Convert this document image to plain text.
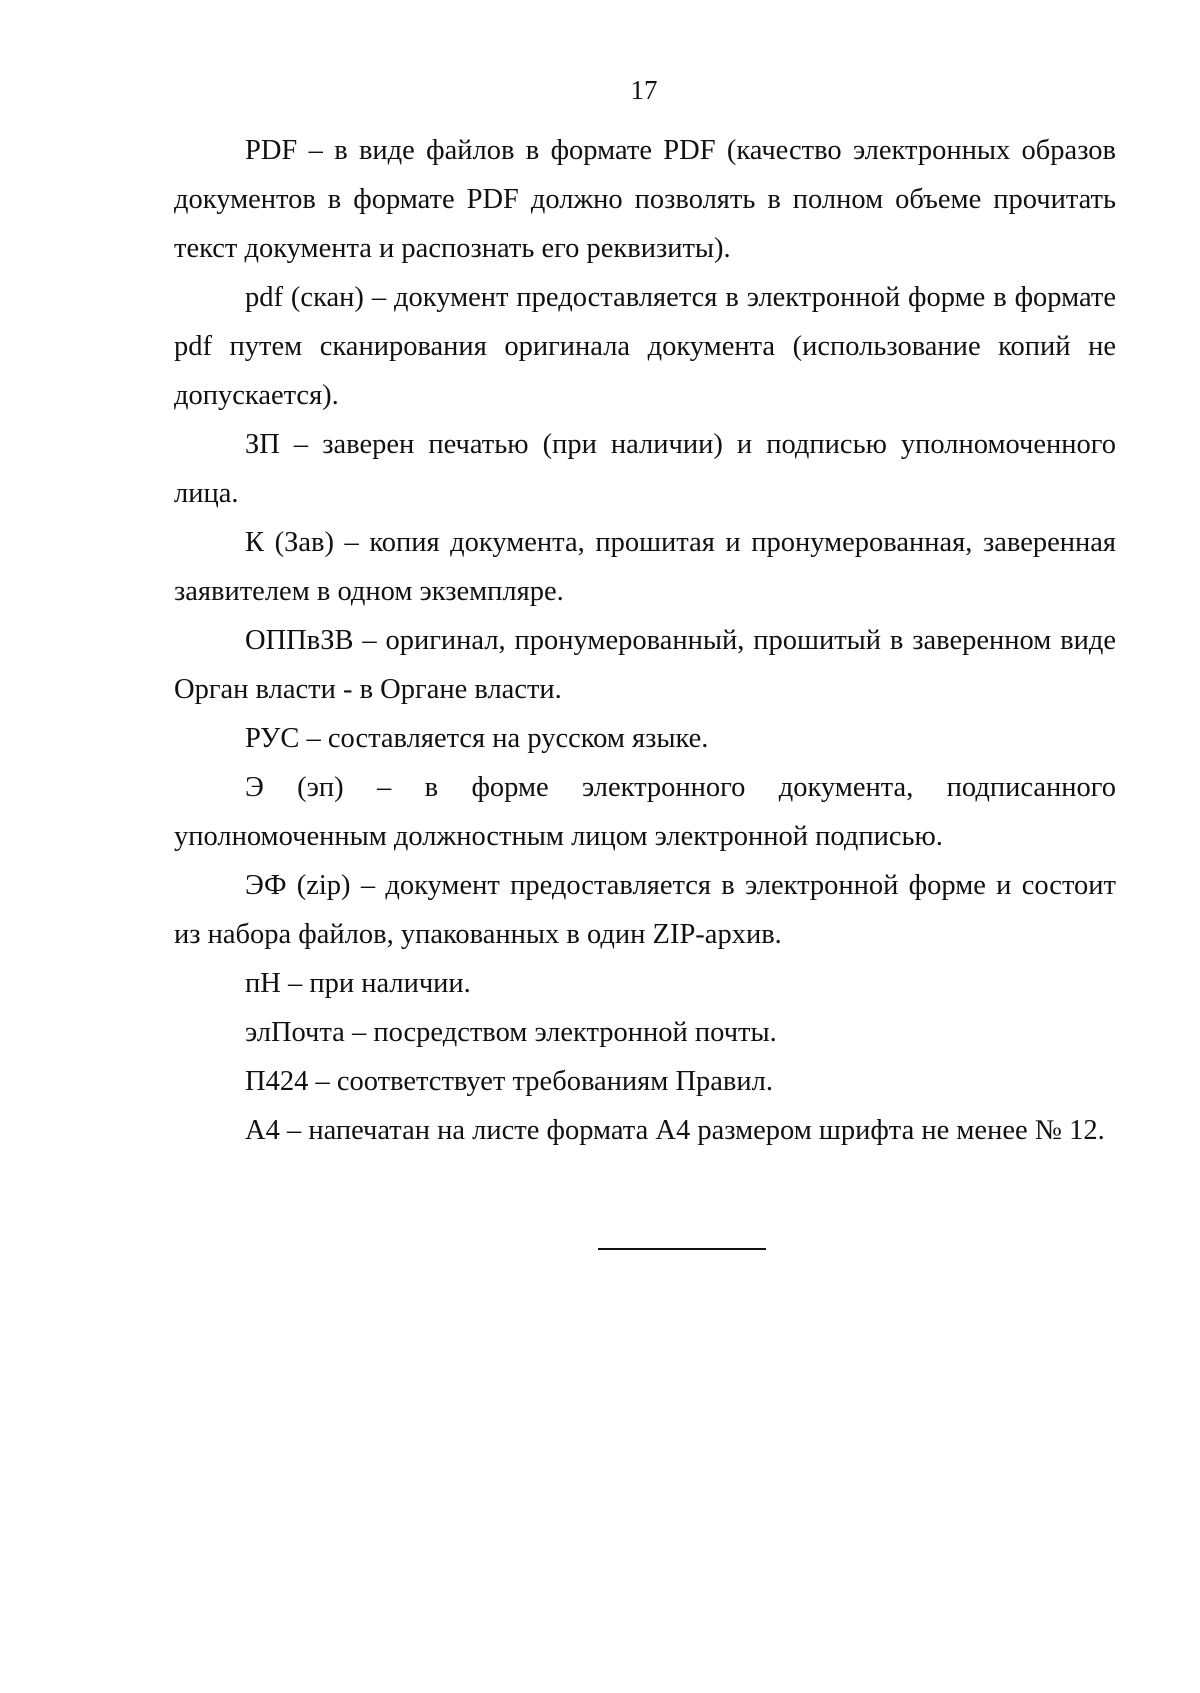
17

PDF – в виде файлов в формате PDF (качество электронных образов документов в формате PDF должно позволять в полном объеме прочитать текст документа и распознать его реквизиты).

pdf (скан) – документ предоставляется в электронной форме в формате pdf путем сканирования оригинала документа (использование копий не допускается).

ЗП – заверен печатью (при наличии) и подписью уполномоченного лица.

К (Зав) – копия документа, прошитая и пронумерованная, заверенная заявителем в одном экземпляре.

ОППвЗВ – оригинал, пронумерованный, прошитый в заверенном виде Орган власти - в Органе власти.

РУС – составляется на русском языке.

Э (эп) – в форме электронного документа, подписанного уполномоченным должностным лицом электронной подписью.

ЭФ (zip) – документ предоставляется в электронной форме и состоит из набора файлов, упакованных в один ZIP-архив.

пН – при наличии.

элПочта – посредством электронной почты.

П424 – соответствует требованиям Правил.

А4 – напечатан на листе формата А4 размером шрифта не менее № 12.
